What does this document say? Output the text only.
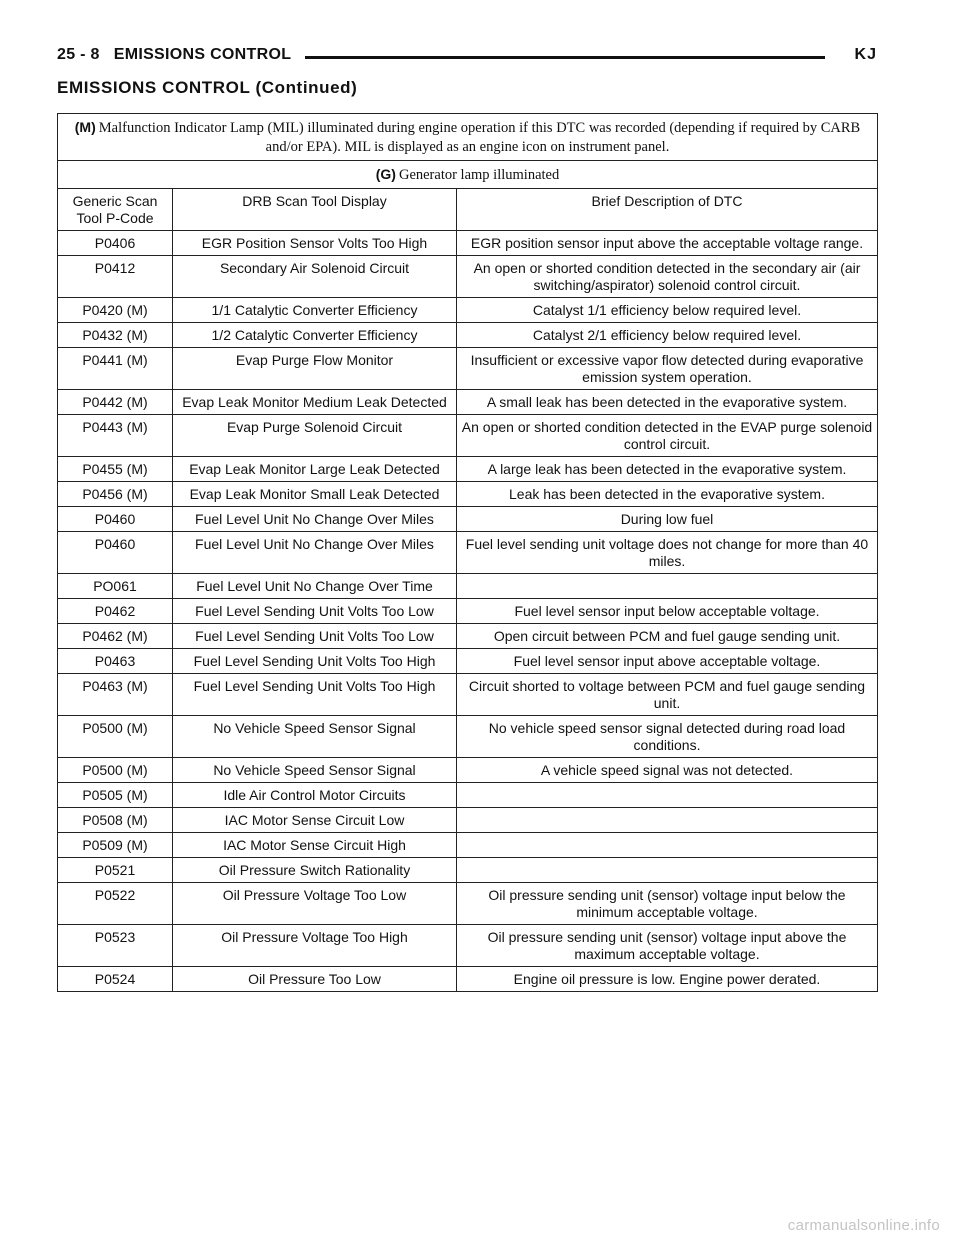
25 - 8 EMISSIONS CONTROL	KJ
EMISSIONS CONTROL (Continued)
(M) Malfunction Indicator Lamp (MIL) illuminated during engine operation if this DTC was recorded (depending if required by CARB and/or EPA). MIL is displayed as an engine icon on instrument panel.		
(G) Generator lamp illuminated		
Generic Scan Tool P-Code	DRB Scan Tool Display	Brief Description of DTC
P0406	EGR Position Sensor Volts Too High	EGR position sensor input above the acceptable voltage range.
P0412	Secondary Air Solenoid Circuit	An open or shorted condition detected in the secondary air (air switching/aspirator) solenoid control circuit.
P0420 (M)	1/1 Catalytic Converter Efficiency	Catalyst 1/1 efficiency below required level.
P0432 (M)	1/2 Catalytic Converter Efficiency	Catalyst 2/1 efficiency below required level.
P0441 (M)	Evap Purge Flow Monitor	Insufficient or excessive vapor flow detected during evaporative emission system operation.
P0442 (M)	Evap Leak Monitor Medium Leak Detected	A small leak has been detected in the evaporative system.
P0443 (M)	Evap Purge Solenoid Circuit	An open or shorted condition detected in the EVAP purge solenoid control circuit.
P0455 (M)	Evap Leak Monitor Large Leak Detected	A large leak has been detected in the evaporative system.
P0456 (M)	Evap Leak Monitor Small Leak Detected	Leak has been detected in the evaporative system.
P0460	Fuel Level Unit No Change Over Miles	During low fuel
P0460	Fuel Level Unit No Change Over Miles	Fuel level sending unit voltage does not change for more than 40 miles.
PO061	Fuel Level Unit No Change Over Time	
P0462	Fuel Level Sending Unit Volts Too Low	Fuel level sensor input below acceptable voltage.
P0462 (M)	Fuel Level Sending Unit Volts Too Low	Open circuit between PCM and fuel gauge sending unit.
P0463	Fuel Level Sending Unit Volts Too High	Fuel level sensor input above acceptable voltage.
P0463 (M)	Fuel Level Sending Unit Volts Too High	Circuit shorted to voltage between PCM and fuel gauge sending unit.
P0500 (M)	No Vehicle Speed Sensor Signal	No vehicle speed sensor signal detected during road load conditions.
P0500 (M)	No Vehicle Speed Sensor Signal	A vehicle speed signal was not detected.
P0505 (M)	Idle Air Control Motor Circuits	
P0508 (M)	IAC Motor Sense Circuit Low	
P0509 (M)	IAC Motor Sense Circuit High	
P0521	Oil Pressure Switch Rationality	
P0522	Oil Pressure Voltage Too Low	Oil pressure sending unit (sensor) voltage input below the minimum acceptable voltage.
P0523	Oil Pressure Voltage Too High	Oil pressure sending unit (sensor) voltage input above the maximum acceptable voltage.
P0524	Oil Pressure Too Low	Engine oil pressure is low. Engine power derated.
carmanualsonline.info
